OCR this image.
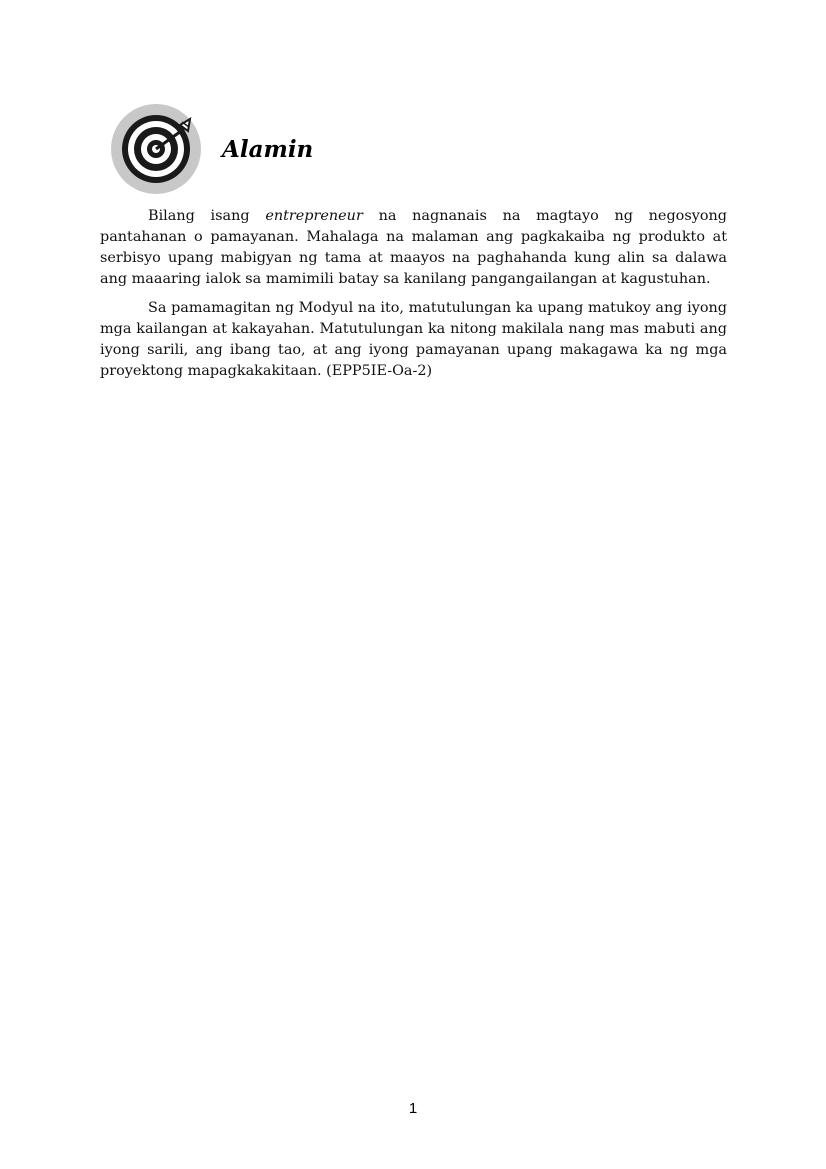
Alamin

Bilang isang entrepreneur na nagnanais na magtayo ng negosyong pantahanan o pamayanan. Mahalaga na malaman ang pagkakaiba ng produkto at serbisyo upang mabigyan ng tama at maayos na paghahanda kung alin sa dalawa ang maaaring ialok sa mamimili batay sa kanilang pangangailangan at kagustuhan.

Sa pamamagitan ng Modyul na ito, matutulungan ka upang matukoy ang iyong mga kailangan at kakayahan. Matutulungan ka nitong makilala nang mas mabuti ang iyong sarili, ang ibang tao, at ang iyong pamayanan upang makagawa ka ng mga proyektong mapagkakakitaan. (EPP5IE-Oa-2)

1
